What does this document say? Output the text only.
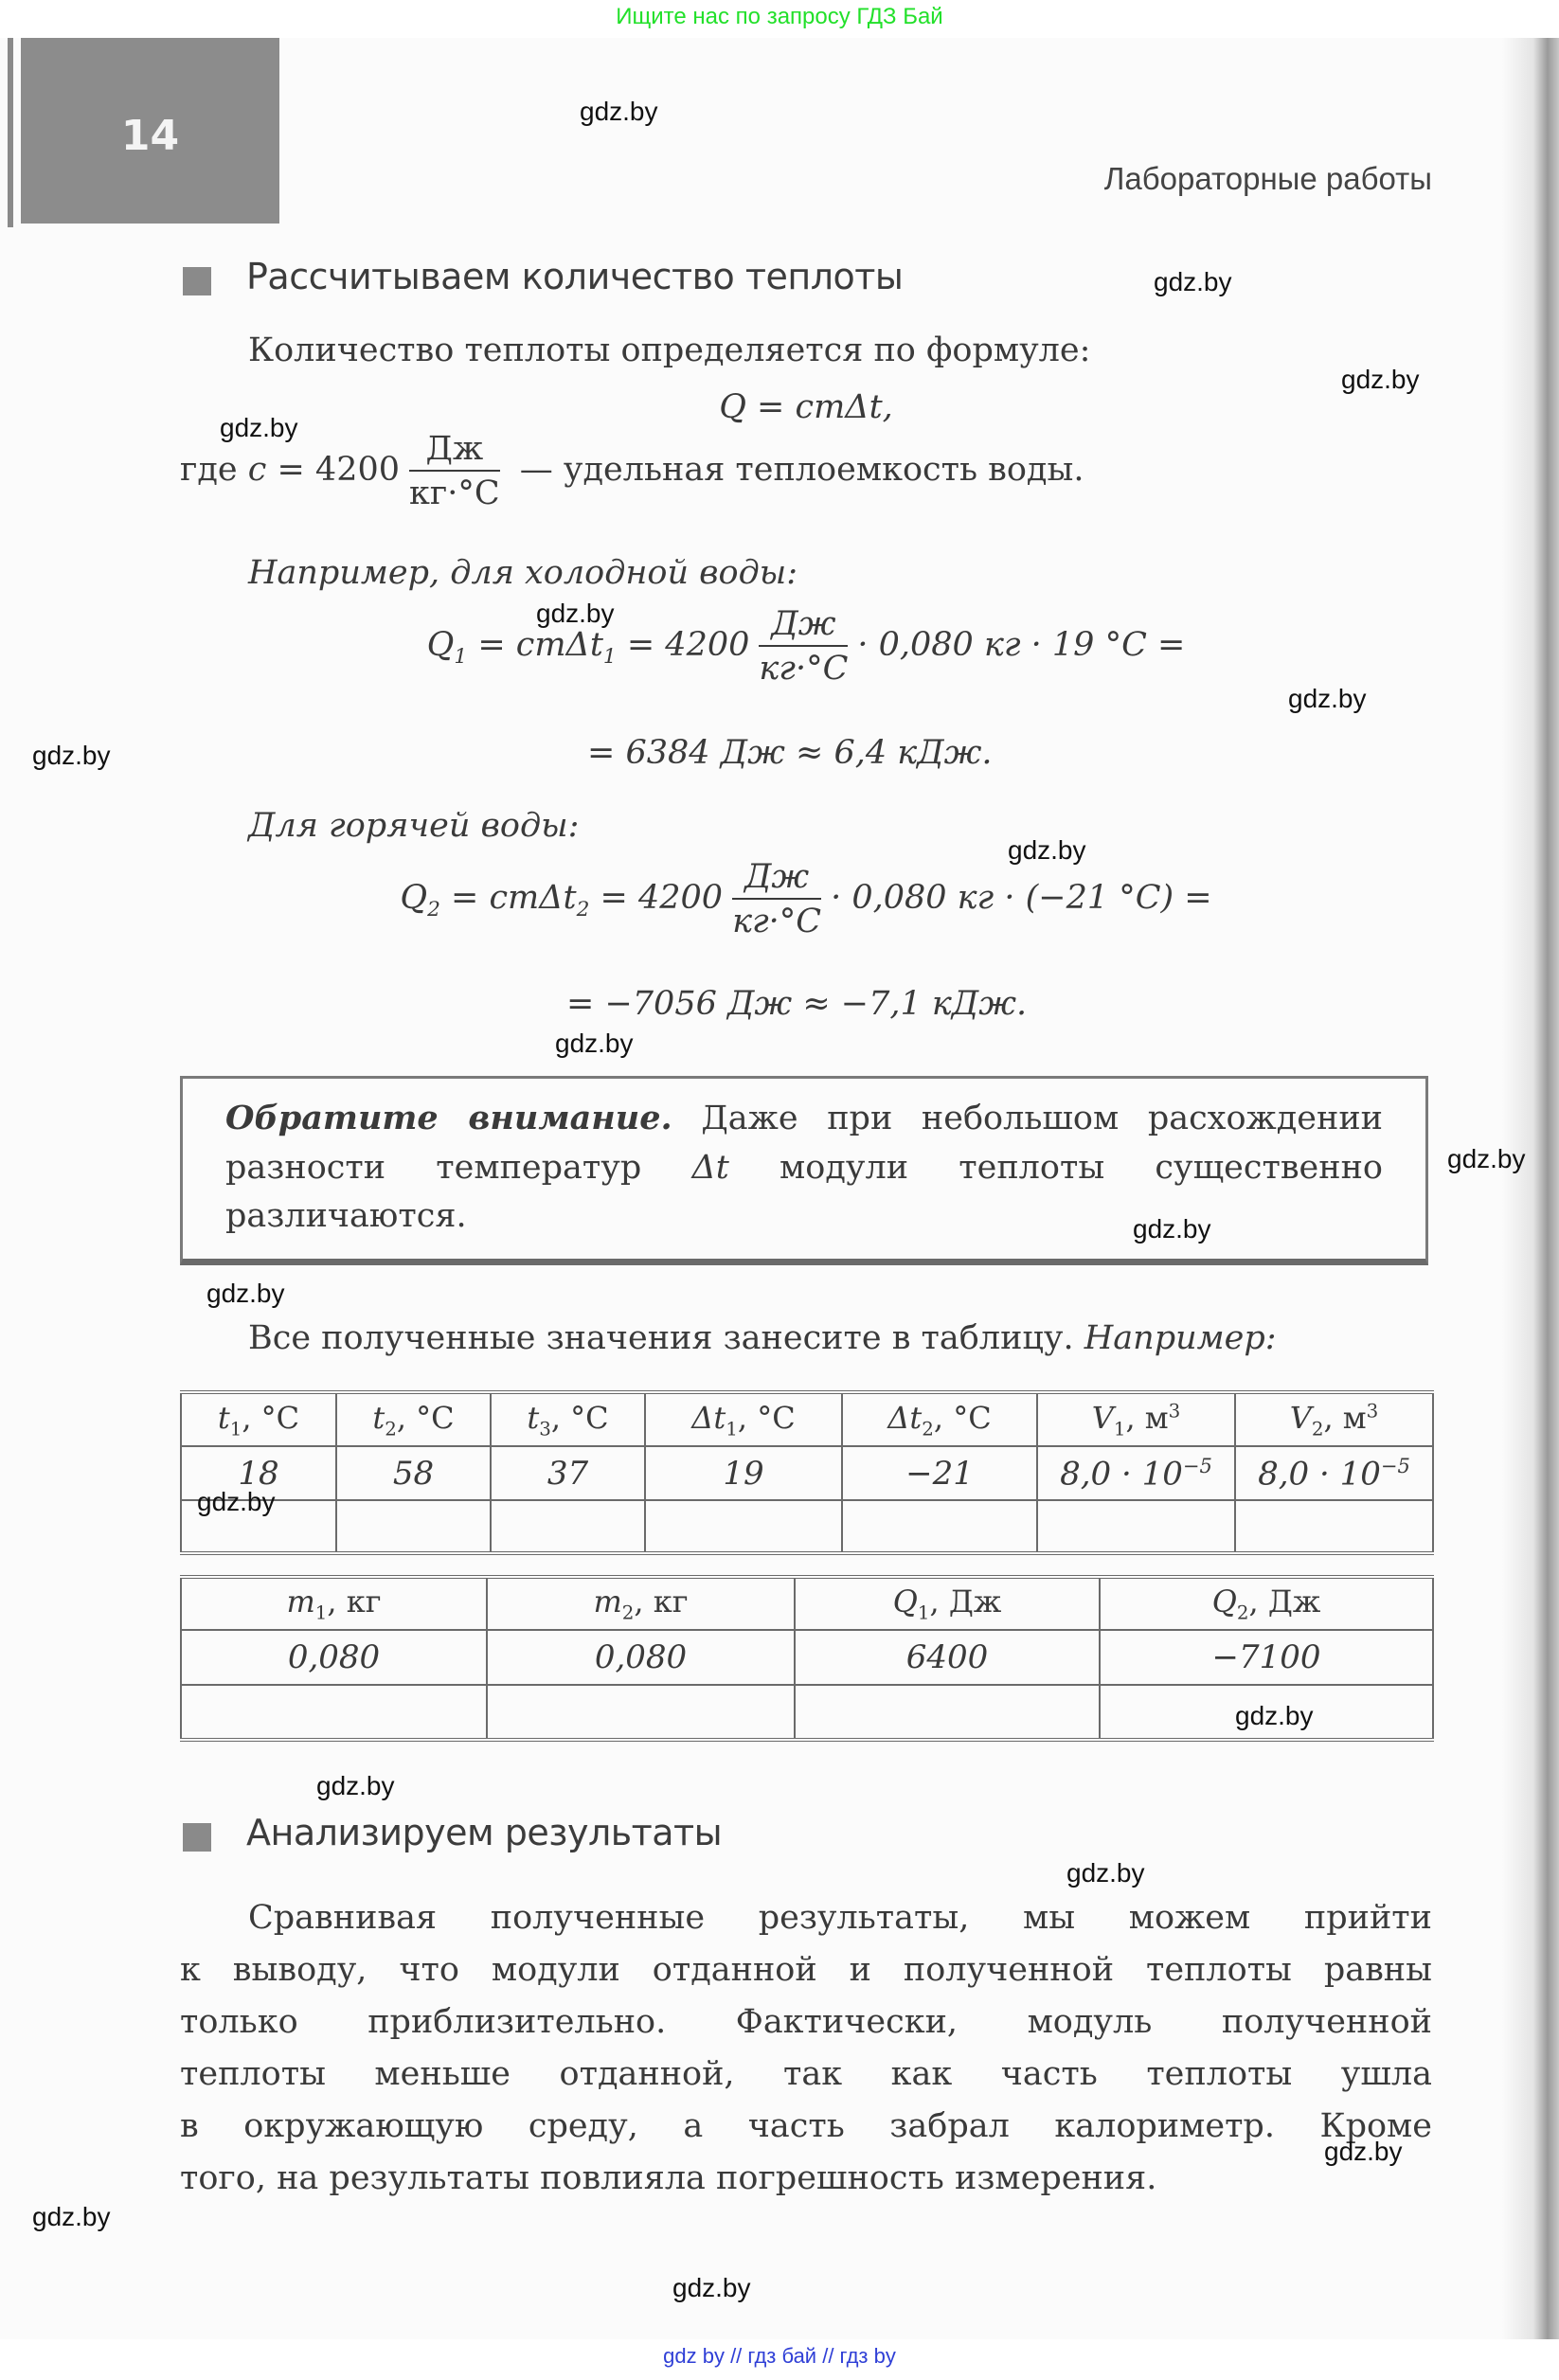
Ищите нас по запросу ГДЗ Бай
14
Лабораторные работы
Рассчитываем количество теплоты
Количество теплоты определяется по формуле:
Q = cmΔt,
где $c = 4200 \frac{Дж}{кг\cdot^\circ С}$ — удельная теплоемкость воды.
Например, для холодной воды:
$Q_1 = cm\Delta t_1 = 4200 \frac{Дж}{кг\cdot^\circ С} \cdot 0,080$ кг · 19 °С =
= 6384 Дж ≈ 6,4 кДж.
Для горячей воды:
$Q_2 = cm\Delta t_2 = 4200 \frac{Дж}{кг\cdot^\circ С} \cdot 0,080$ кг · (−21 °С) =
= −7056 Дж ≈ −7,1 кДж.
Обратите внимание. Даже при небольшом расхождении
разности температур Δt модули теплоты существенно
различаются.
Все полученные значения занесите в таблицу. Например:
$t_1$, °С	$t_2$, °С	$t_3$, °С	$\Delta t_1$, °С	$\Delta t_2$, °С	$V_1$, $м^3$	$V_2$, $м^3$
18	58	37	19	−21	$8,0 \cdot 10^{-5}$	$8,0 \cdot 10^{-5}$

$m_1$, кг	$m_2$, кг	$Q_1$, Дж	$Q_2$, Дж
0,080	0,080	6400	−7100

Анализируем результаты
Сравнивая полученные результаты, мы можем прийти
к выводу, что модули отданной и полученной теплоты равны
только приблизительно. Фактически, модуль полученной
теплоты меньше отданной, так как часть теплоты ушла
в окружающую среду, а часть забрал калориметр. Кроме
того, на результаты повлияла погрешность измерения.
gdz.by
gdz.by
gdz.by
gdz.by
gdz.by
gdz.by
gdz.by
gdz.by
gdz.by
gdz.by
gdz.by
gdz.by
gdz.by
gdz.by
gdz.by
gdz.by
gdz.by
gdz.by
gdz.by
gdz by // гдз бай // гдз by
